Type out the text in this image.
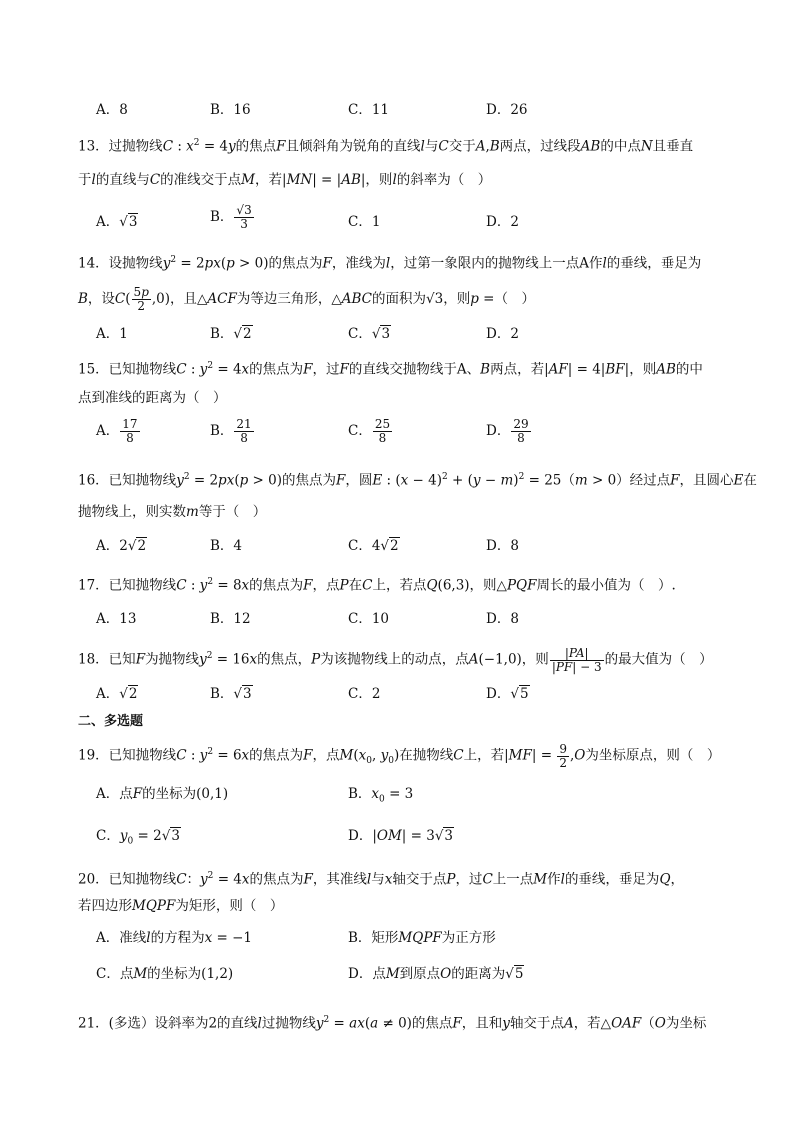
A．8	B．16	C．11	D．26
13．过抛物线C : $x^2 = 4y$的焦点F且倾斜角为锐角的直线l与C交于A,B两点，过线段AB的中点N且垂直
于l的直线与C的准线交于点M，若|MN| = |AB|，则l的斜率为（　）
A．√3	B． $\frac{√3}{3}$	C．1	D．2
14．设抛物线$y^2 = 2px(p > 0)$的焦点为F，准线为l，过第一象限内的抛物线上一点A作l的垂线，垂足为
B，设$C( \frac{5p}{2} ,0)$，且△ACF为等边三角形，△ABC的面积为√3，则p =（　）
A．1	B．√2	C．√3	D．2
15．已知抛物线C : $y^2 = 4x$的焦点为F，过F的直线交抛物线于A、B两点，若|AF| = 4|BF|，则AB的中
点到准线的距离为（　）
A． $\frac{17}{8}$	B． $\frac{21}{8}$	C． $\frac{25}{8}$	D． $\frac{29}{8}$
16．已知抛物线$y^2 = 2px(p > 0)$的焦点为F，圆E : $(x - 4)^2 + (y - m)^2 = 25(m > 0)$经过点F，且圆心E在
抛物线上，则实数m等于（　）
A．2√2	B．4	C．4√2	D．8
17．已知抛物线C : $y^2 = 8x$的焦点为F，点P在C上，若点Q(6,3)，则△PQF周长的最小值为（　）.
A．13	B．12	C．10	D．8
18．已知F为抛物线$y^2 = 16x$的焦点，P为该抛物线上的动点，点A(−1,0)，则 $\frac{|PA|}{|PF| - 3}$ 的最大值为（　）
A．√2	B．√3	C．2	D．√5
二、多选题
19．已知抛物线C : $y^2 = 6x$的焦点为F，点$M(x_0$, $y_0$)在抛物线C上，若$|MF| = \frac{9}{2} ,O$为坐标原点，则（　）
A．点F的坐标为(0,1)	B．$x_0 = 3$
C．$y_0 = 2√3$	D．|OM| = 3√3
20．已知抛物线C：$y^2 = 4x$的焦点为F，其准线l与x轴交于点P，过C上一点M作l的垂线，垂足为Q，
若四边形MQPF为矩形，则（　）
A．准线l的方程为x = −1	B．矩形MQPF为正方形
C．点M的坐标为(1,2)	D．点M到原点O的距离为√5
21．(多选）设斜率为2的直线l过抛物线$y^2 = ax(a \ne 0)$的焦点F，且和y轴交于点A，若△OAF（O为坐标
